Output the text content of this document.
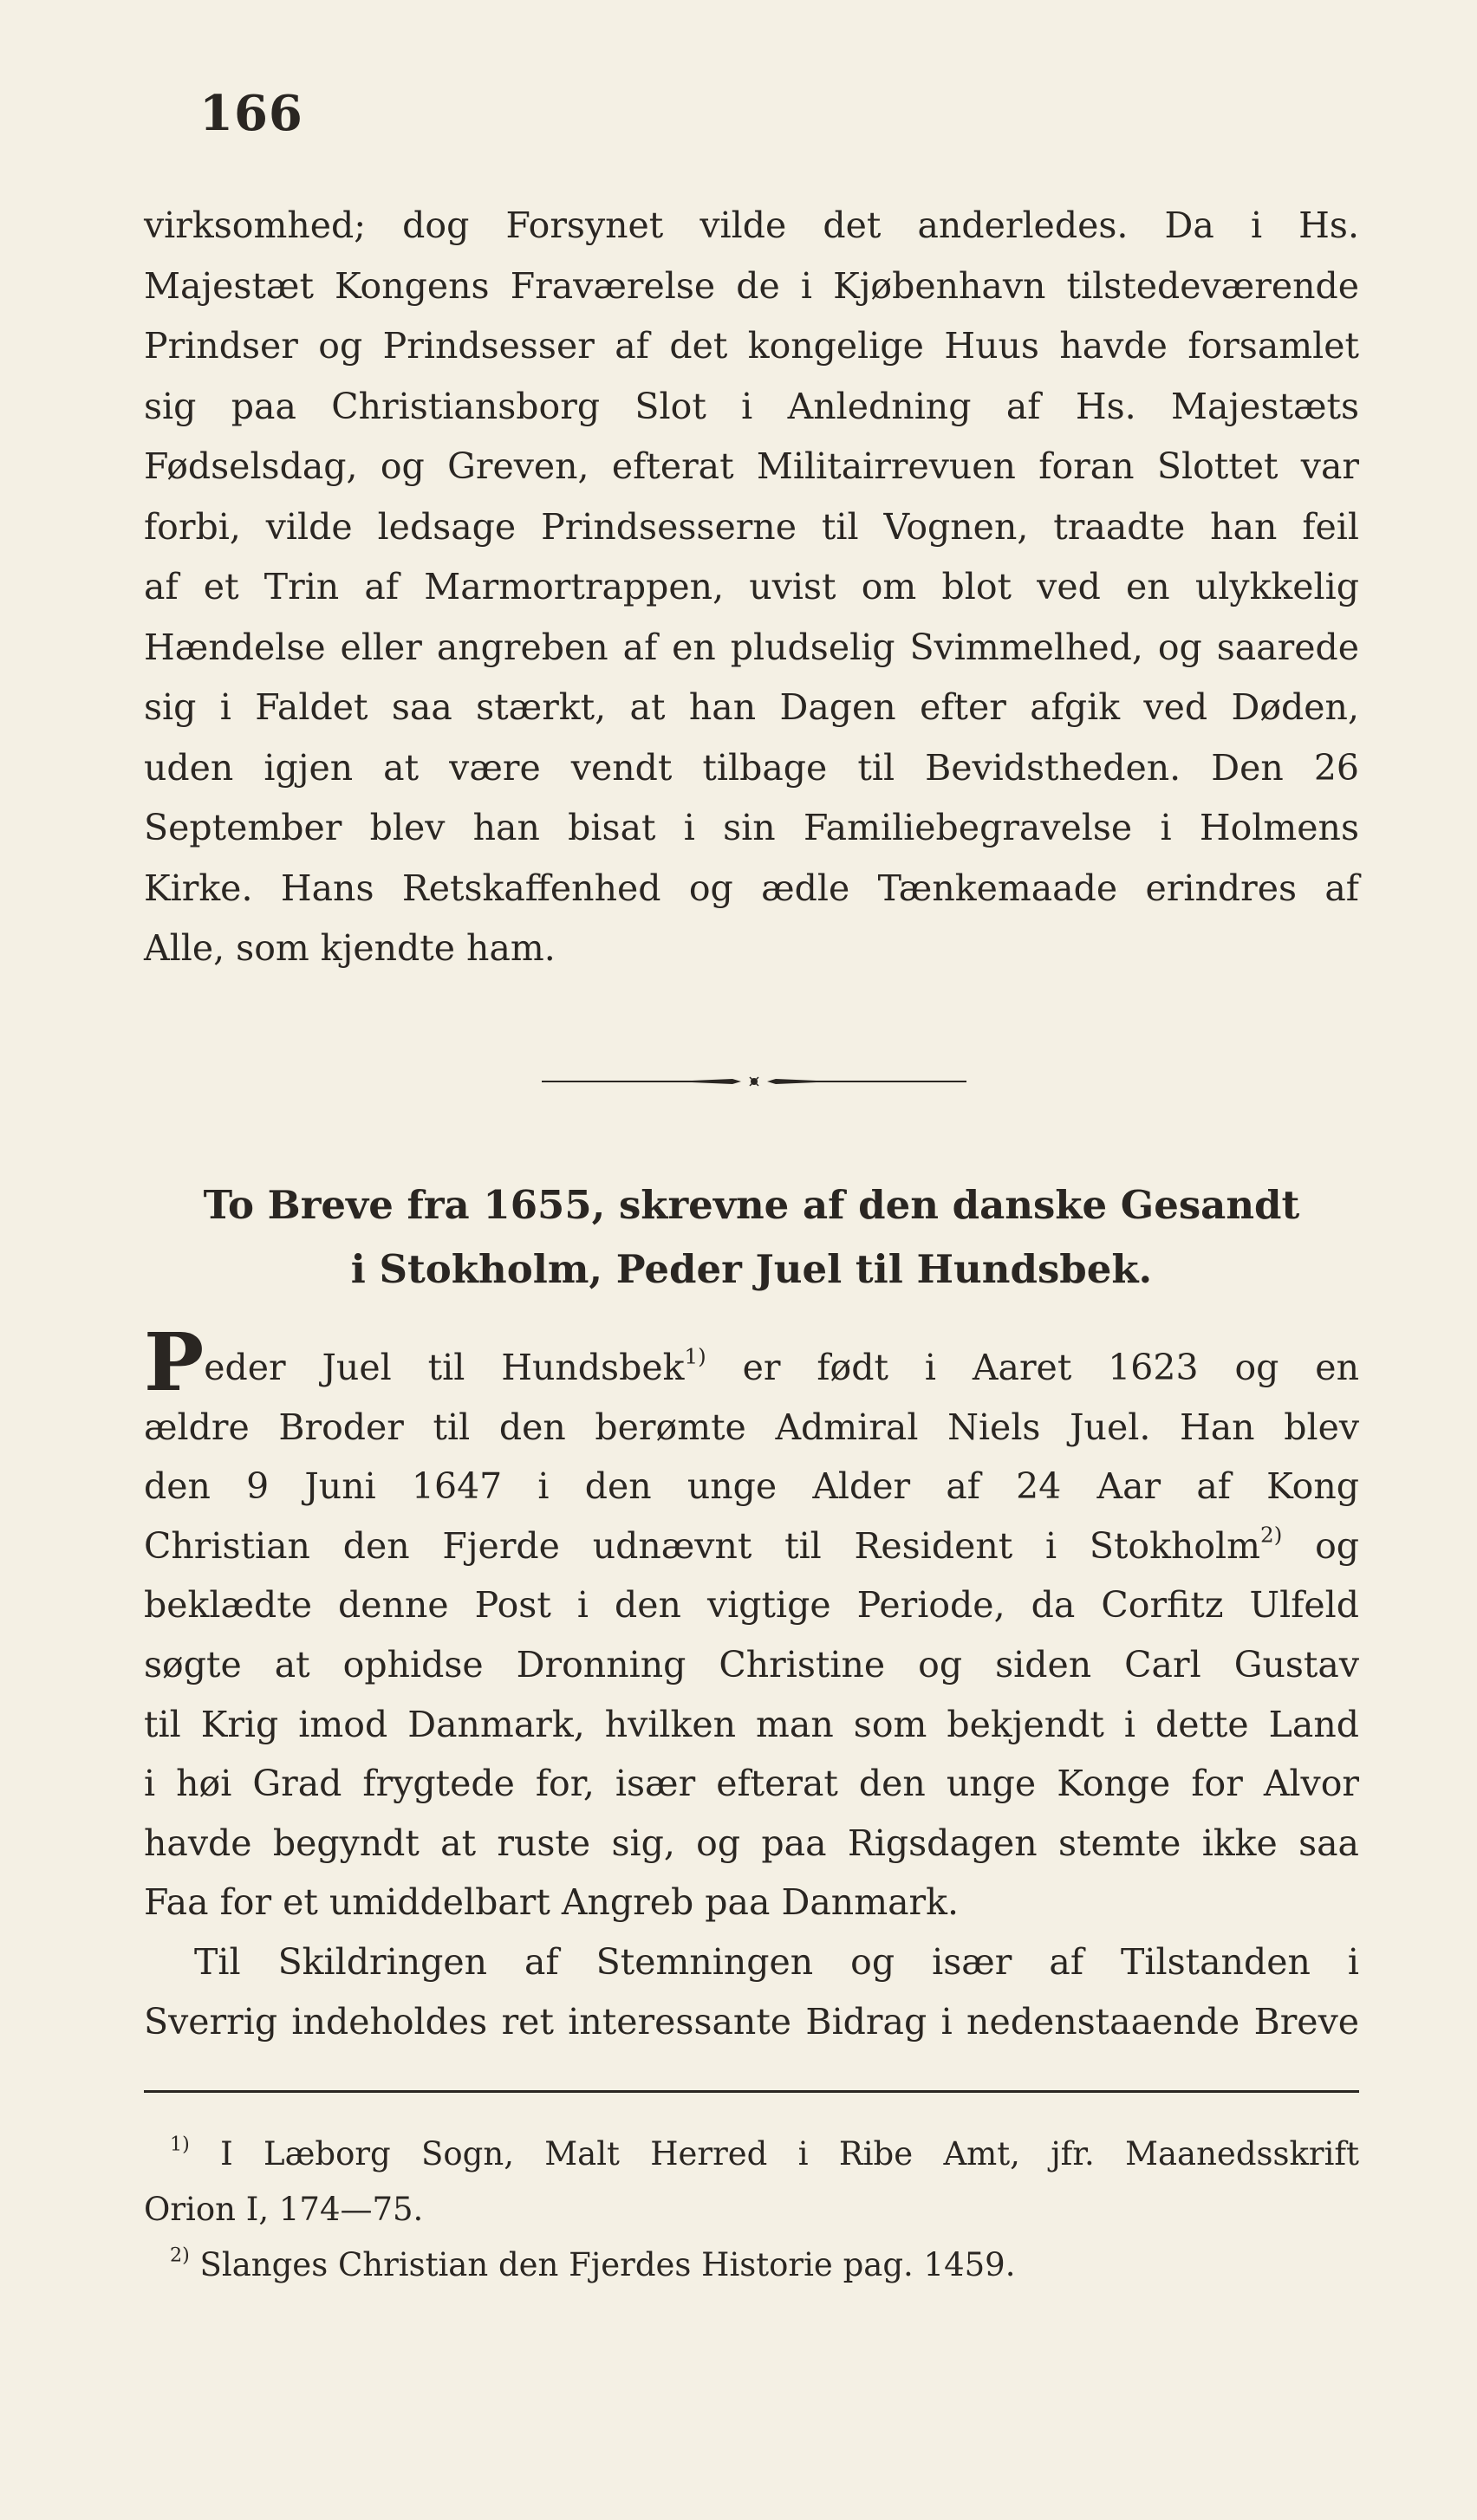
166
virksomhed; dog Forsynet vilde det anderledes. Da i Hs.
Majestæt Kongens Fraværelse de i Kjøbenhavn tilstedeværende
Prindser og Prindsesser af det kongelige Huus havde forsamlet
sig paa Christiansborg Slot i Anledning af Hs. Majestæts
Fødselsdag, og Greven, efterat Militairrevuen foran Slottet var
forbi, vilde ledsage Prindsesserne til Vognen, traadte han feil
af et Trin af Marmortrappen, uvist om blot ved en ulykkelig
Hændelse eller angreben af en pludselig Svimmelhed, og saarede
sig i Faldet saa stærkt, at han Dagen efter afgik ved Døden,
uden igjen at være vendt tilbage til Bevidstheden. Den 26
September blev han bisat i sin Familiebegravelse i Holmens
Kirke. Hans Retskaffenhed og ædle Tænkemaade erindres af
Alle, som kjendte ham.
To Breve fra 1655, skrevne af den danske Gesandt
i Stokholm, Peder Juel til Hundsbek.
Peder Juel til Hundsbek$^{1)}$ er født i Aaret 1623 og en
ældre Broder til den berømte Admiral Niels Juel. Han blev
den 9 Juni 1647 i den unge Alder af 24 Aar af Kong
Christian den Fjerde udnævnt til Resident i Stokholm$^{2)}$ og
beklædte denne Post i den vigtige Periode, da Corfitz Ulfeld
søgte at ophidse Dronning Christine og siden Carl Gustav
til Krig imod Danmark, hvilken man som bekjendt i dette Land
i høi Grad frygtede for, især efterat den unge Konge for Alvor
havde begyndt at ruste sig, og paa Rigsdagen stemte ikke saa
Faa for et umiddelbart Angreb paa Danmark.
Til Skildringen af Stemningen og især af Tilstanden i
Sverrig indeholdes ret interessante Bidrag i nedenstaaende Breve
$^{1)}$ I Læborg Sogn, Malt Herred i Ribe Amt, jfr. Maanedsskrift
Orion I, 174—75.
$^{2)}$ Slanges Christian den Fjerdes Historie pag. 1459.
